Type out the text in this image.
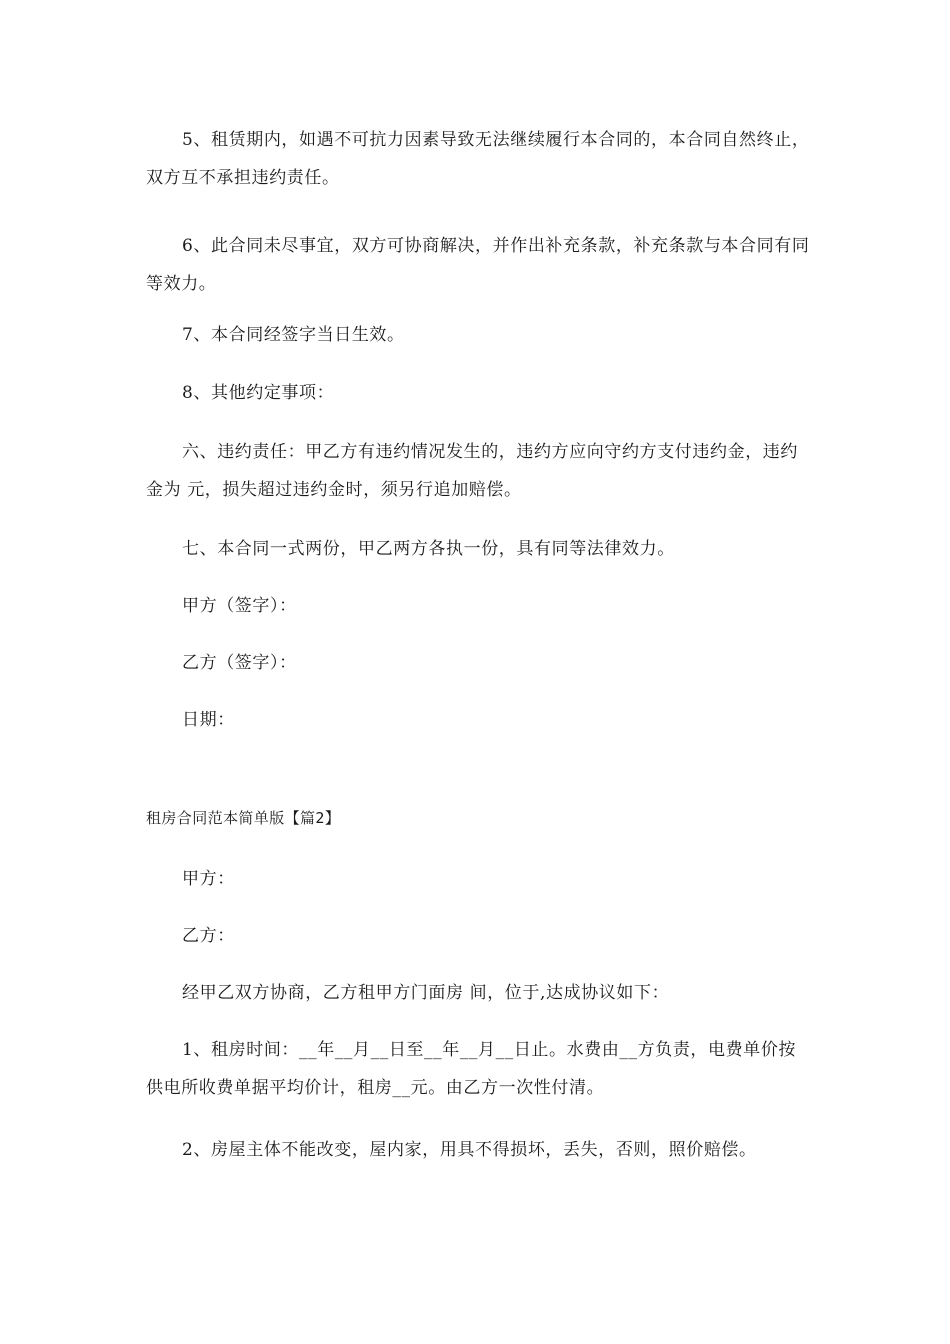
5、租赁期内，如遇不可抗力因素导致无法继续履行本合同的，本合同自然终止，双方互不承担违约责任。

6、此合同未尽事宜，双方可协商解决，并作出补充条款，补充条款与本合同有同等效力。

7、本合同经签字当日生效。

8、其他约定事项：

六、违约责任：甲乙方有违约情况发生的，违约方应向守约方支付违约金，违约金为 元，损失超过违约金时，须另行追加赔偿。

七、本合同一式两份，甲乙两方各执一份，具有同等法律效力。

甲方（签字）：

乙方（签字）：

日期：

租房合同范本简单版【篇2】

甲方：

乙方：

经甲乙双方协商，乙方租甲方门面房 间，位于,达成协议如下：

1、租房时间：__年__月__日至__年__月__日止。水费由__方负责，电费单价按供电所收费单据平均价计，租房__元。由乙方一次性付清。

2、房屋主体不能改变，屋内家，用具不得损坏，丢失，否则，照价赔偿。
